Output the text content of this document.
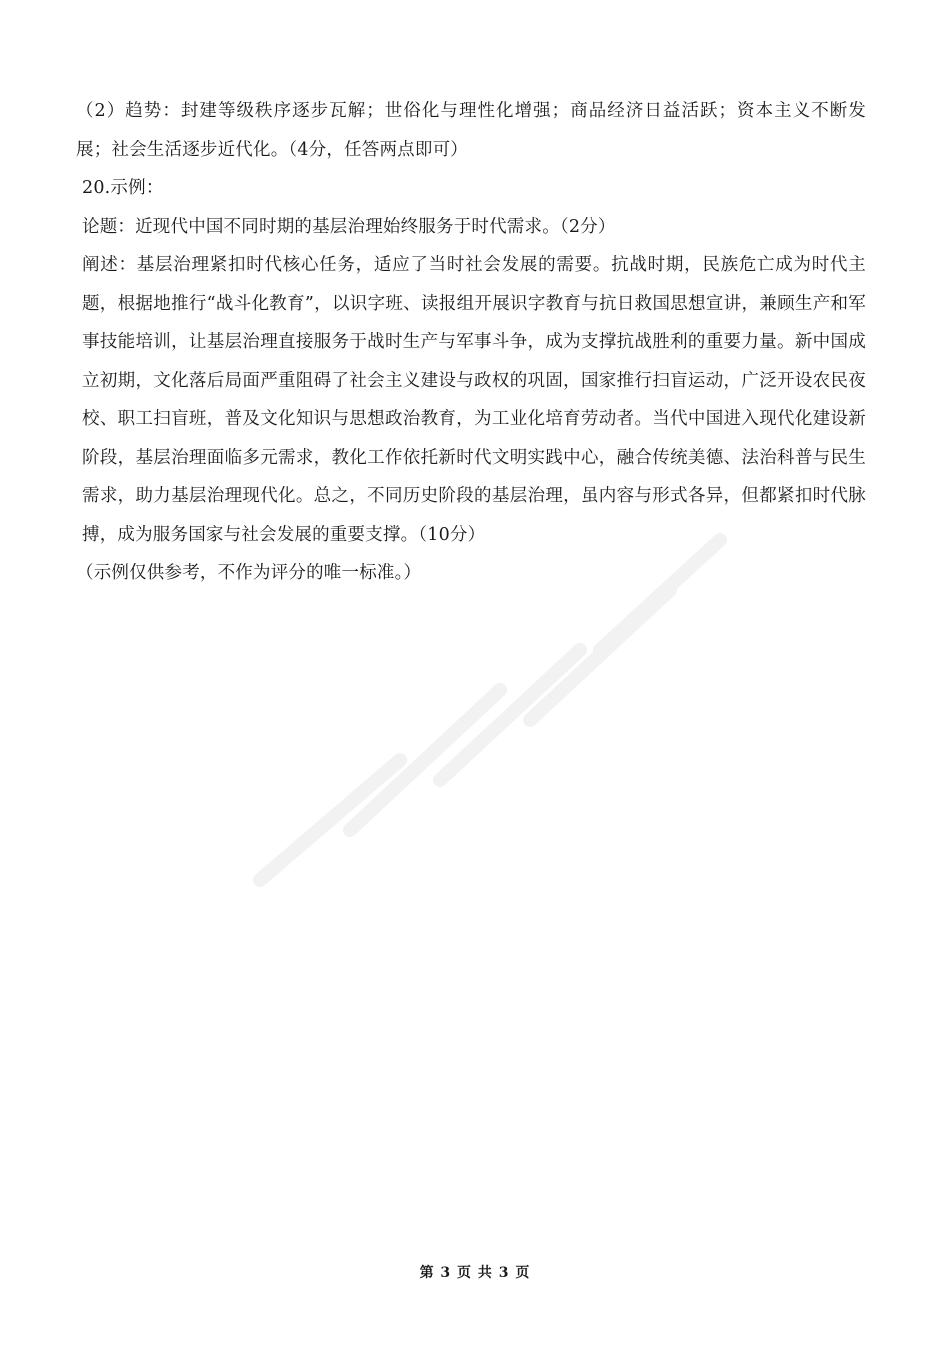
（2）趋势：封建等级秩序逐步瓦解；世俗化与理性化增强；商品经济日益活跃；资本主义不断发展；社会生活逐步近代化。（4分，任答两点即可）

20.示例：

论题：近现代中国不同时期的基层治理始终服务于时代需求。（2分）

阐述：基层治理紧扣时代核心任务，适应了当时社会发展的需要。抗战时期，民族危亡成为时代主题，根据地推行“战斗化教育”，以识字班、读报组开展识字教育与抗日救国思想宣讲，兼顾生产和军事技能培训，让基层治理直接服务于战时生产与军事斗争，成为支撑抗战胜利的重要力量。新中国成立初期，文化落后局面严重阻碍了社会主义建设与政权的巩固，国家推行扫盲运动，广泛开设农民夜校、职工扫盲班，普及文化知识与思想政治教育，为工业化培育劳动者。当代中国进入现代化建设新阶段，基层治理面临多元需求，教化工作依托新时代文明实践中心，融合传统美德、法治科普与民生需求，助力基层治理现代化。总之，不同历史阶段的基层治理，虽内容与形式各异，但都紧扣时代脉搏，成为服务国家与社会发展的重要支撑。（10分）

（示例仅供参考，不作为评分的唯一标准。）

第 3 页 共 3 页
